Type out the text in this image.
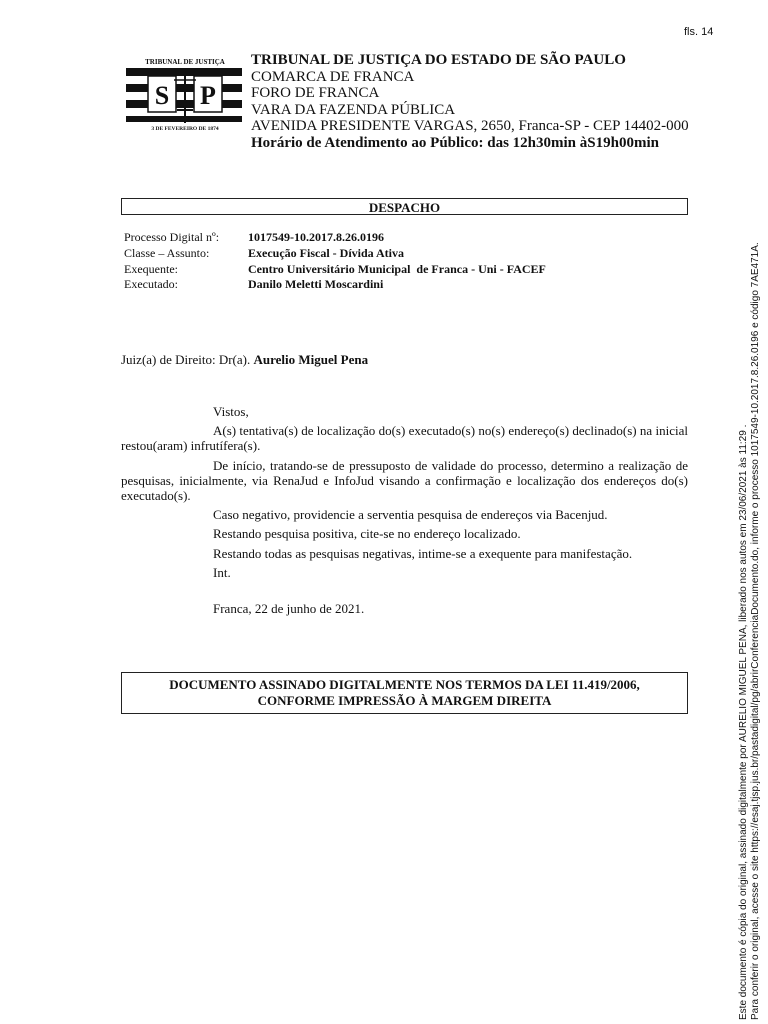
fls. 14
S P
TRIBUNAL DE JUSTIÇA
3 DE FEVEREIRO DE 1874
TRIBUNAL DE JUSTIÇA DO ESTADO DE SÃO PAULO
COMARCA DE FRANCA
FORO DE FRANCA
VARA DA FAZENDA PÚBLICA
AVENIDA PRESIDENTE VARGAS, 2650, Franca-SP - CEP 14402-000
Horário de Atendimento ao Público: das 12h30min àS19h00min
DESPACHO
Processo Digital nº: 1017549-10.2017.8.26.0196
Classe – Assunto:	Execução Fiscal - Dívida Ativa
Exequente:	Centro Universitário Municipal  de Franca - Uni - FACEF
Executado:	Danilo Meletti Moscardini
Juiz(a) de Direito: Dr(a). Aurelio Miguel Pena

Vistos,

A(s) tentativa(s) de localização do(s) executado(s) no(s) endereço(s) declinado(s) na inicial restou(aram) infrutífera(s).

De início, tratando-se de pressuposto de validade do processo, determino a realização de pesquisas, inicialmente, via RenaJud e InfoJud visando a confirmação e localização dos endereços do(s) executado(s).

Caso negativo, providencie a serventia pesquisa de endereços via Bacenjud.

Restando pesquisa positiva, cite-se no endereço localizado.

Restando todas as pesquisas negativas, intime-se a exequente para manifestação.

Int.

Franca, 22 de junho de 2021.

DOCUMENTO ASSINADO DIGITALMENTE NOS TERMOS DA LEI 11.419/2006,
CONFORME IMPRESSÃO À MARGEM DIREITA	Este documento é cópia do original, assinado digitalmente por AURELIO MIGUEL PENA, liberado nos autos em 23/06/2021 às 11:29 . Para conferir o original, acesse o site https://esaj.tjsp.jus.br/pastadigital/pg/abrirConferenciaDocumento.do, informe o processo 1017549-10.2017.8.26.0196 e código 7AE471A.
